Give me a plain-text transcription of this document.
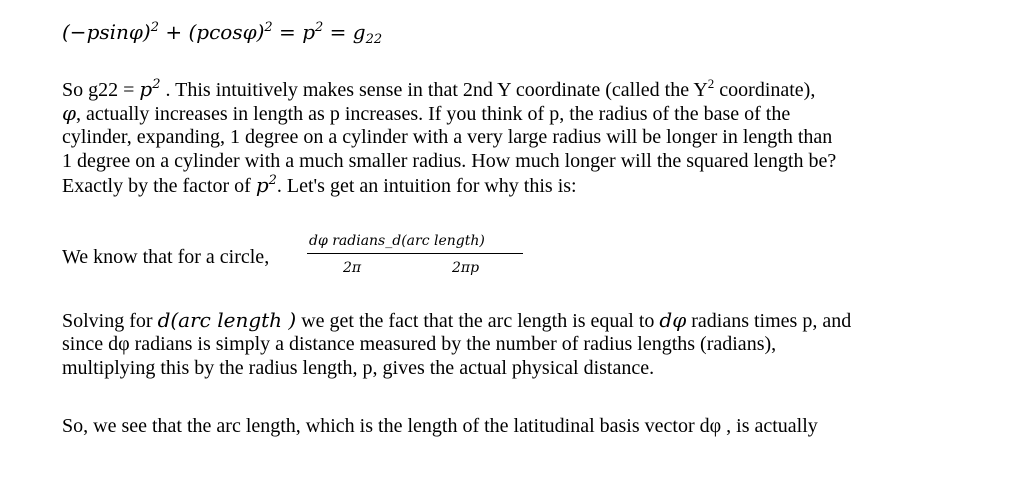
$(-psin\varphi)^2 + (pcos\varphi)^2 = p^2 = g_{22}$
So $g22 = p^2$ . This intuitively makes sense in that 2nd Y coordinate (called the $Y^2$ coordinate),
φ, actually increases in length as p increases. If you think of p, the radius of the base of the
cylinder, expanding, 1 degree on a cylinder with a very large radius will be longer in length than
1 degree on a cylinder with a much smaller radius. How much longer will the squared length be?
Exactly by the factor of $p^2$. Let's get an intuition for why this is:
We know that for a circle,
dφ radians_d(arc length)
2π	2πp
Solving for d(arc length ) we get the fact that the arc length is equal to dφ radians times p, and
since dφ radians is simply a distance measured by the number of radius lengths (radians),
multiplying this by the radius length, p, gives the actual physical distance.
So, we see that the arc length, which is the length of the latitudinal basis vector dφ , is actually
